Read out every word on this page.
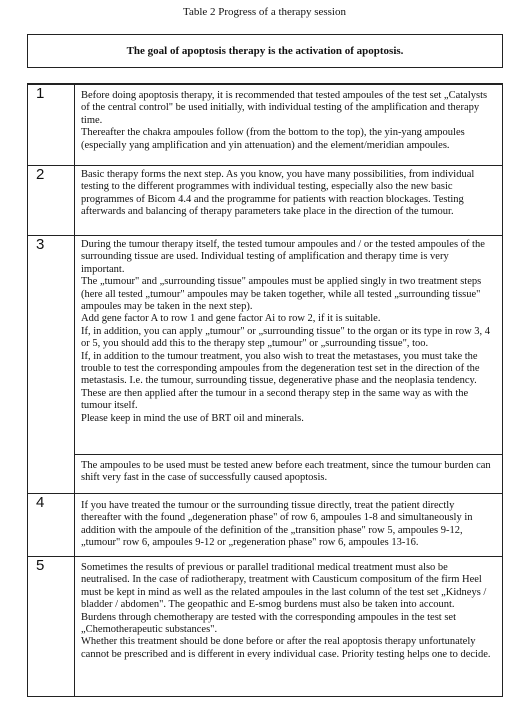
Table 2 Progress of a therapy session
The goal of apoptosis therapy is the activation of apoptosis.
1	Before doing apoptosis therapy, it is recommended that tested ampoules of the test set „Catalysts of the central control" be used initially, with individual testing of the amplification and therapy time.

Thereafter the chakra ampoules follow (from the bottom to the top), the yin-yang ampoules (especially yang amplification and yin attenuation) and the element/meridian ampoules.

2	Basic therapy forms the next step. As you know, you have many possibilities, from individual testing to the different programmes with individual testing, especially also the new basic programmes of Bicom 4.4 and the programme for patients with reaction blockages. Testing afterwards and balancing of therapy parameters take place in the direction of the tumour.

3	During the tumour therapy itself, the tested tumour ampoules and / or the tested ampoules of the surrounding tissue are used. Individual testing of amplification and therapy time is very important.

The „tumour" and „surrounding tissue" ampoules must be applied singly in two treatment steps (here all tested „tumour" ampoules may be taken together, while all tested „surrounding tissue" ampoules may be taken in the next step).

Add gene factor A to row 1 and gene factor Ai to row 2, if it is suitable.

If, in addition, you can apply „tumour" or „surrounding tissue" to the organ or its type in row 3, 4 or 5, you should add this to the therapy step „tumour" or „surrounding tissue", too.

If, in addition to the tumour treatment, you also wish to treat the metastases, you must take the trouble to test the corresponding ampoules from the degeneration test set in the direction of the metastasis. I.e. the tumour, surrounding tissue, degenerative phase and the neoplasia tendency. These are then applied after the tumour in a second therapy step in the same way as with the tumour itself.

Please keep in mind the use of BRT oil and minerals.

The ampoules to be used must be tested anew before each treatment, since the tumour burden can shift very fast in the case of successfully caused apoptosis.

4	If you have treated the tumour or the surrounding tissue directly, treat the patient directly thereafter with the found „degeneration phase" of row 6, ampoules 1-8 and simultaneously in addition with the ampoule of the definition of the „transition phase" row 5, ampoules 9-12, „tumour" row 6, ampoules 9-12 or „regeneration phase" row 6, ampoules 13-16.

5	Sometimes the results of previous or parallel traditional medical treatment must also be neutralised. In the case of radiotherapy, treatment with Causticum compositum of the firm Heel must be kept in mind as well as the related ampoules in the last column of the test set „Kidneys / bladder / abdomen". The geopathic and E-smog burdens must also be taken into account. Burdens through chemotherapy are tested with the corresponding ampoules in the test set „Chemotherapeutic substances".

Whether this treatment should be done before or after the real apoptosis therapy unfortunately cannot be prescribed and is different in every individual case. Priority testing helps one to decide.
